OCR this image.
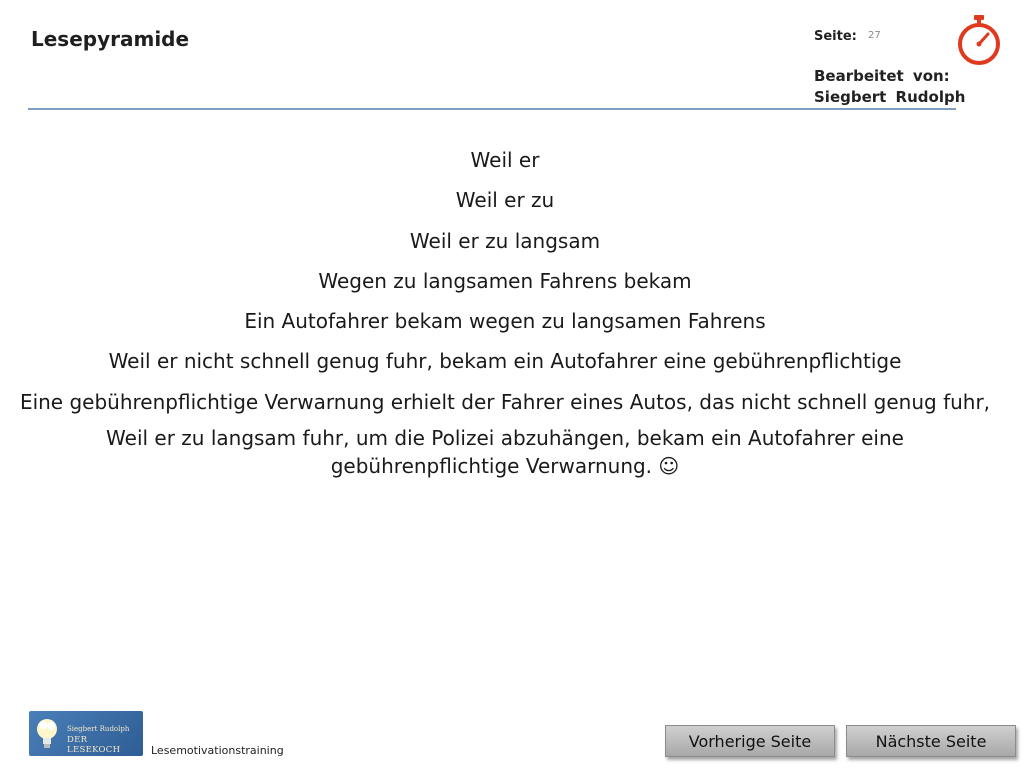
Lesepyramide	Seite: 27
Bearbeitet von:
Siegbert Rudolph
Weil er
Weil er zu
Weil er zu langsam
Wegen zu langsamen Fahrens bekam
Ein Autofahrer bekam wegen zu langsamen Fahrens
Weil er nicht schnell genug fuhr, bekam ein Autofahrer eine gebührenpflichtige
Eine gebührenpflichtige Verwarnung erhielt der Fahrer eines Autos, das nicht schnell genug fuhr,
Weil er zu langsam fuhr, um die Polizei abzuhängen, bekam ein Autofahrer eine gebührenpflichtige Verwarnung. ☺
Siegbert Rudolph
DER LESEKOCH	Lesemotivationstraining	Vorherige Seite	Nächste Seite
